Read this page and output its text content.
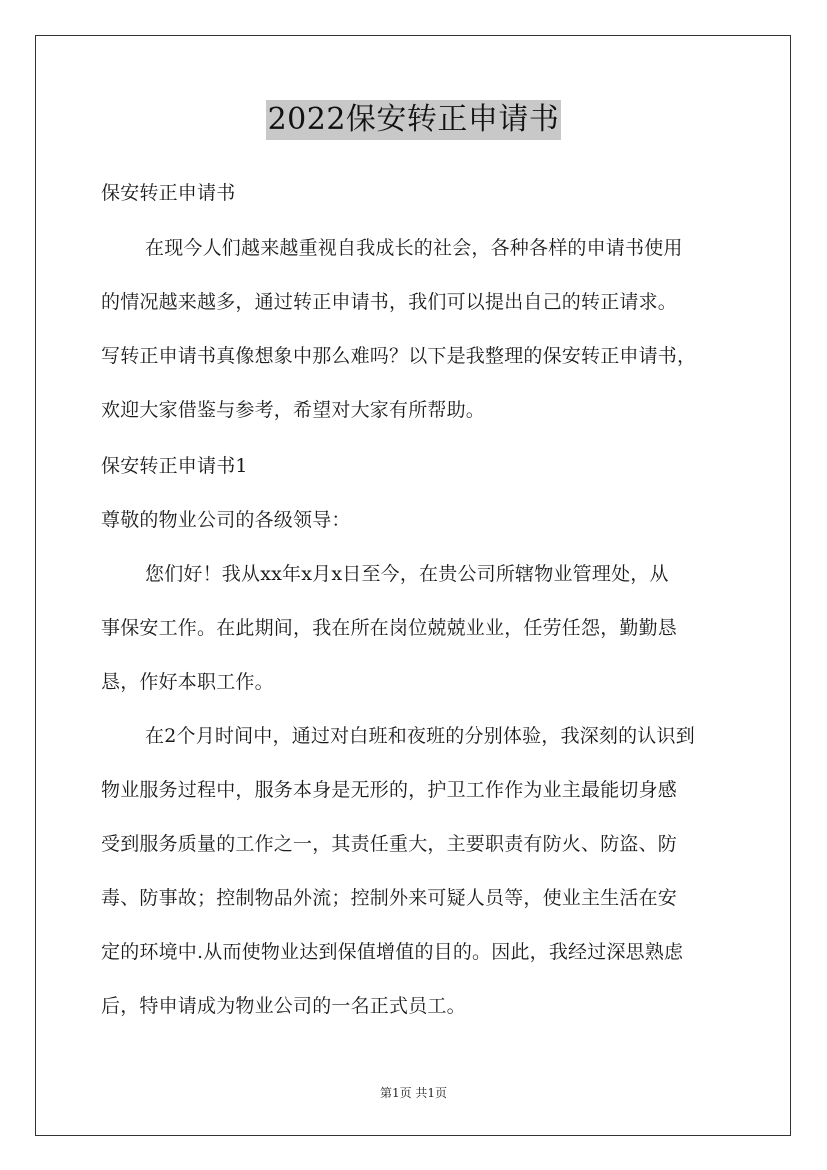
2022保安转正申请书
保安转正申请书
在现今人们越来越重视自我成长的社会，各种各样的申请书使用
的情况越来越多，通过转正申请书，我们可以提出自己的转正请求。
写转正申请书真像想象中那么难吗？以下是我整理的保安转正申请书，
欢迎大家借鉴与参考，希望对大家有所帮助。
保安转正申请书1
尊敬的物业公司的各级领导：
您们好！我从xx年x月x日至今，在贵公司所辖物业管理处，从
事保安工作。在此期间，我在所在岗位兢兢业业，任劳任怨，勤勤恳
恳，作好本职工作。
在2个月时间中，通过对白班和夜班的分别体验，我深刻的认识到
物业服务过程中，服务本身是无形的，护卫工作作为业主最能切身感
受到服务质量的工作之一，其责任重大，主要职责有防火、防盗、防
毒、防事故；控制物品外流；控制外来可疑人员等，使业主生活在安
定的环境中.从而使物业达到保值增值的目的。因此，我经过深思熟虑
后，特申请成为物业公司的一名正式员工。
第1页 共1页
